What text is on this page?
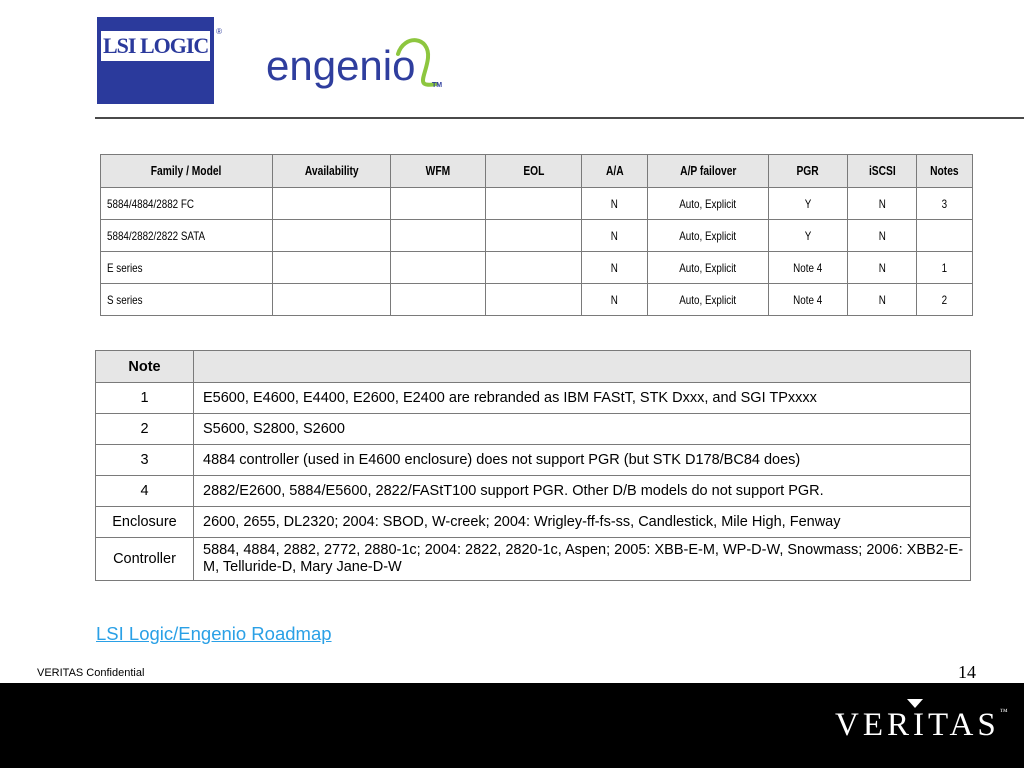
LSI LOGIC
®
engenio TM
Family / Model	Availability	WFM	EOL	A/A	A/P failover	PGR	iSCSI	Notes
5884/4884/2882 FC				N	Auto, Explicit	Y	N	3
5884/2882/2822 SATA				N	Auto, Explicit	Y	N	
E series				N	Auto, Explicit	Note 4	N	1
S series				N	Auto, Explicit	Note 4	N	2
Note	
1	E5600, E4600, E4400, E2600, E2400 are rebranded as IBM FAStT, STK Dxxx, and SGI TPxxxx
2	S5600, S2800, S2600
3	4884 controller (used in E4600 enclosure) does not support PGR (but STK D178/BC84 does)
4	2882/E2600, 5884/E5600, 2822/FAStT100 support PGR. Other D/B models do not support PGR.
Enclosure	2600, 2655, DL2320; 2004: SBOD, W-creek; 2004: Wrigley-ff-fs-ss, Candlestick, Mile High, Fenway
Controller	5884, 4884, 2882, 2772, 2880-1c; 2004: 2822, 2820-1c, Aspen; 2005: XBB-E-M, WP-D-W, Snowmass; 2006: XBB2-E-M, Telluride-D, Mary Jane-D-W
LSI Logic/Engenio Roadmap
VERITAS Confidential	14
VERITAS™
